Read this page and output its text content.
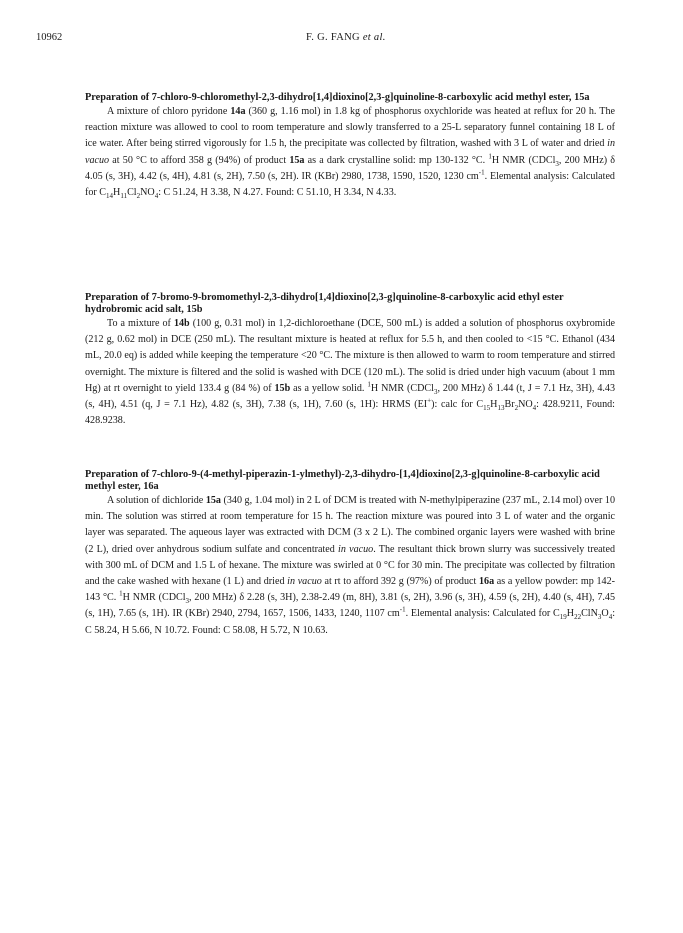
10962	F. G. FANG et al.

Preparation of 7-chloro-9-chloromethyl-2,3-dihydro[1,4]dioxino[2,3-g]quinoline-8-carboxylic acid methyl ester, 15a

A mixture of chloro pyridone 14a (360 g, 1.16 mol) in 1.8 kg of phosphorus oxychloride was heated at reflux for 20 h. The reaction mixture was allowed to cool to room temperature and slowly transferred to a 25-L separatory funnel containing 18 L of ice water. After being stirred vigorously for 1.5 h, the precipitate was collected by filtration, washed with 3 L of water and dried in vacuo at 50 °C to afford 358 g (94%) of product 15a as a dark crystalline solid: mp 130-132 °C. $^1$H NMR (CDCl$_3$, 200 MHz) δ 4.05 (s, 3H), 4.42 (s, 4H), 4.81 (s, 2H), 7.50 (s, 2H). IR (KBr) 2980, 1738, 1590, 1520, 1230 $cm^{-1}$. Elemental analysis: Calculated for $C_{14}H_{11}Cl_2NO_4$: C 51.24, H 3.38, N 4.27. Found: C 51.10, H 3.34, N 4.33.

Preparation of 7-bromo-9-bromomethyl-2,3-dihydro[1,4]dioxino[2,3-g]quinoline-8-carboxylic acid ethyl ester hydrobromic acid salt, 15b

To a mixture of 14b (100 g, 0.31 mol) in 1,2-dichloroethane (DCE, 500 mL) is added a solution of phosphorus oxybromide (212 g, 0.62 mol) in DCE (250 mL). The resultant mixture is heated at reflux for 5.5 h, and then cooled to <15 °C. Ethanol (434 mL, 20.0 eq) is added while keeping the temperature <20 °C. The mixture is then allowed to warm to room temperature and stirred overnight. The mixture is filtered and the solid is washed with DCE (120 mL). The solid is dried under high vacuum (about 1 mm Hg) at rt overnight to yield 133.4 g (84 %) of 15b as a yellow solid. $^1$H NMR (CDCl$_3$, 200 MHz) δ 1.44 (t, J = 7.1 Hz, 3H), 4.43 (s, 4H), 4.51 (q, J = 7.1 Hz), 4.82 (s, 3H), 7.38 (s, 1H), 7.60 (s, 1H): HRMS (EI+): calc for $C_{15}H_{13}Br_2NO_4$: 428.9211, Found: 428.9238.

Preparation of 7-chloro-9-(4-methyl-piperazin-1-ylmethyl)-2,3-dihydro-[1,4]dioxino[2,3-g]quinoline-8-carboxylic acid methyl ester, 16a

A solution of dichloride 15a (340 g, 1.04 mol) in 2 L of DCM is treated with N-methylpiperazine (237 mL, 2.14 mol) over 10 min. The solution was stirred at room temperature for 15 h. The reaction mixture was poured into 3 L of water and the organic layer was separated. The aqueous layer was extracted with DCM (3 x 2 L). The combined organic layers were washed with brine (2 L), dried over anhydrous sodium sulfate and concentrated in vacuo. The resultant thick brown slurry was successively treated with 300 mL of DCM and 1.5 L of hexane. The mixture was swirled at 0 °C for 30 min. The precipitate was collected by filtration and the cake washed with hexane (1 L) and dried in vacuo at rt to afford 392 g (97%) of product 16a as a yellow powder: mp 142-143 °C. $^1$H NMR (CDCl$_3$, 200 MHz) δ 2.28 (s, 3H), 2.38-2.49 (m, 8H), 3.81 (s, 2H), 3.96 (s, 3H), 4.59 (s, 2H), 4.40 (s, 4H), 7.45 (s, 1H), 7.65 (s, 1H). IR (KBr) 2940, 2794, 1657, 1506, 1433, 1240, 1107 $cm^{-1}$. Elemental analysis: Calculated for $C_{19}H_{22}ClN_3O_4$: C 58.24, H 5.66, N 10.72. Found: C 58.08, H 5.72, N 10.63.
